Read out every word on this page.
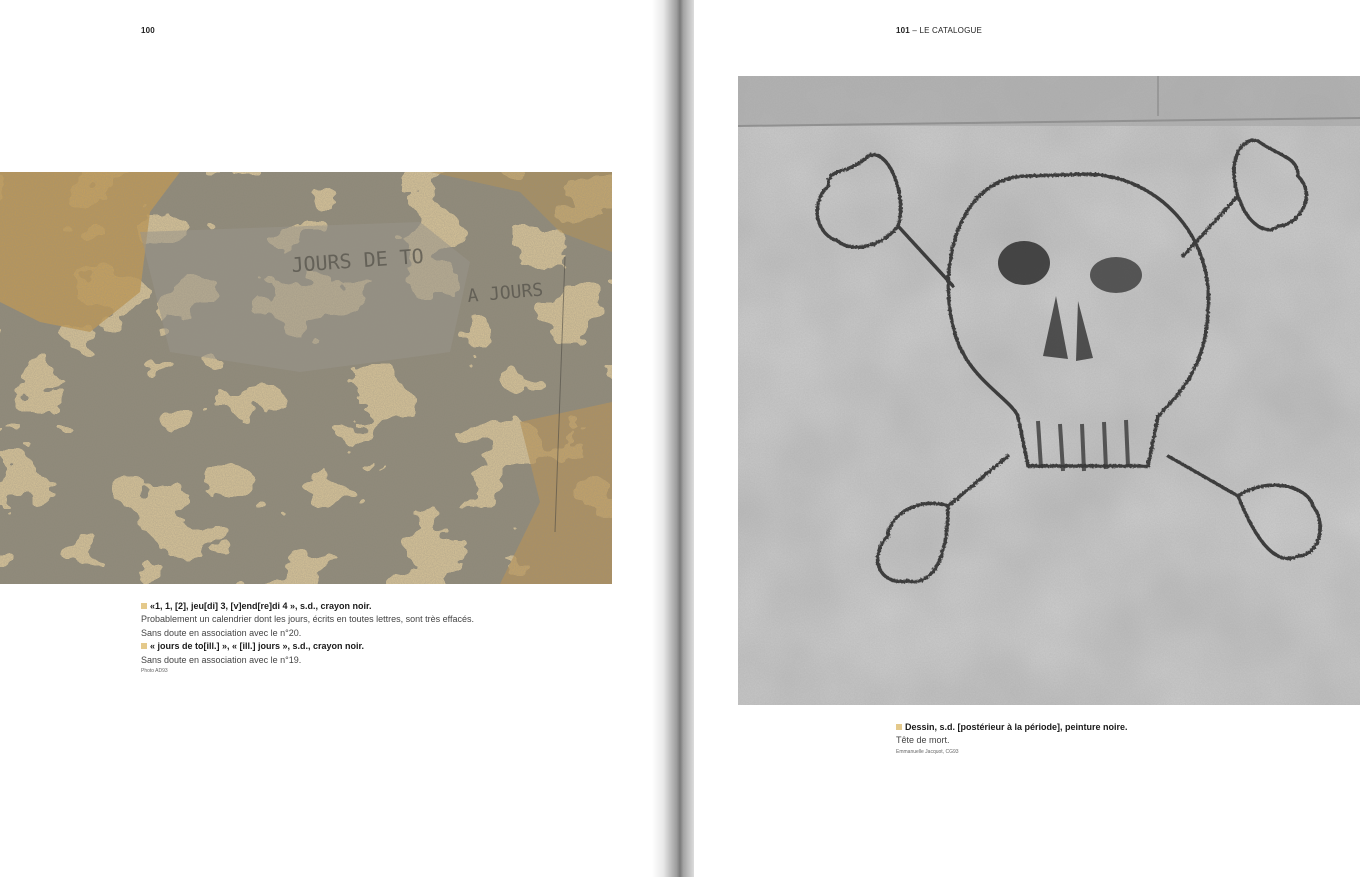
100
JOURS DE TO
A JOURS
«1, 1, [2], jeu[di] 3, [v]end[re]di 4 », s.d., crayon noir.
Probablement un calendrier dont les jours, écrits en toutes lettres, sont très effacés.
Sans doute en association avec le n°20.
« jours de to[ill.] », « [ill.] jours », s.d., crayon noir.
Sans doute en association avec le n°19.
Photo AD93
101 – LE CATALOGUE
Dessin, s.d. [postérieur à la période], peinture noire.
Tête de mort.
Emmanuelle Jacquot, CG93
